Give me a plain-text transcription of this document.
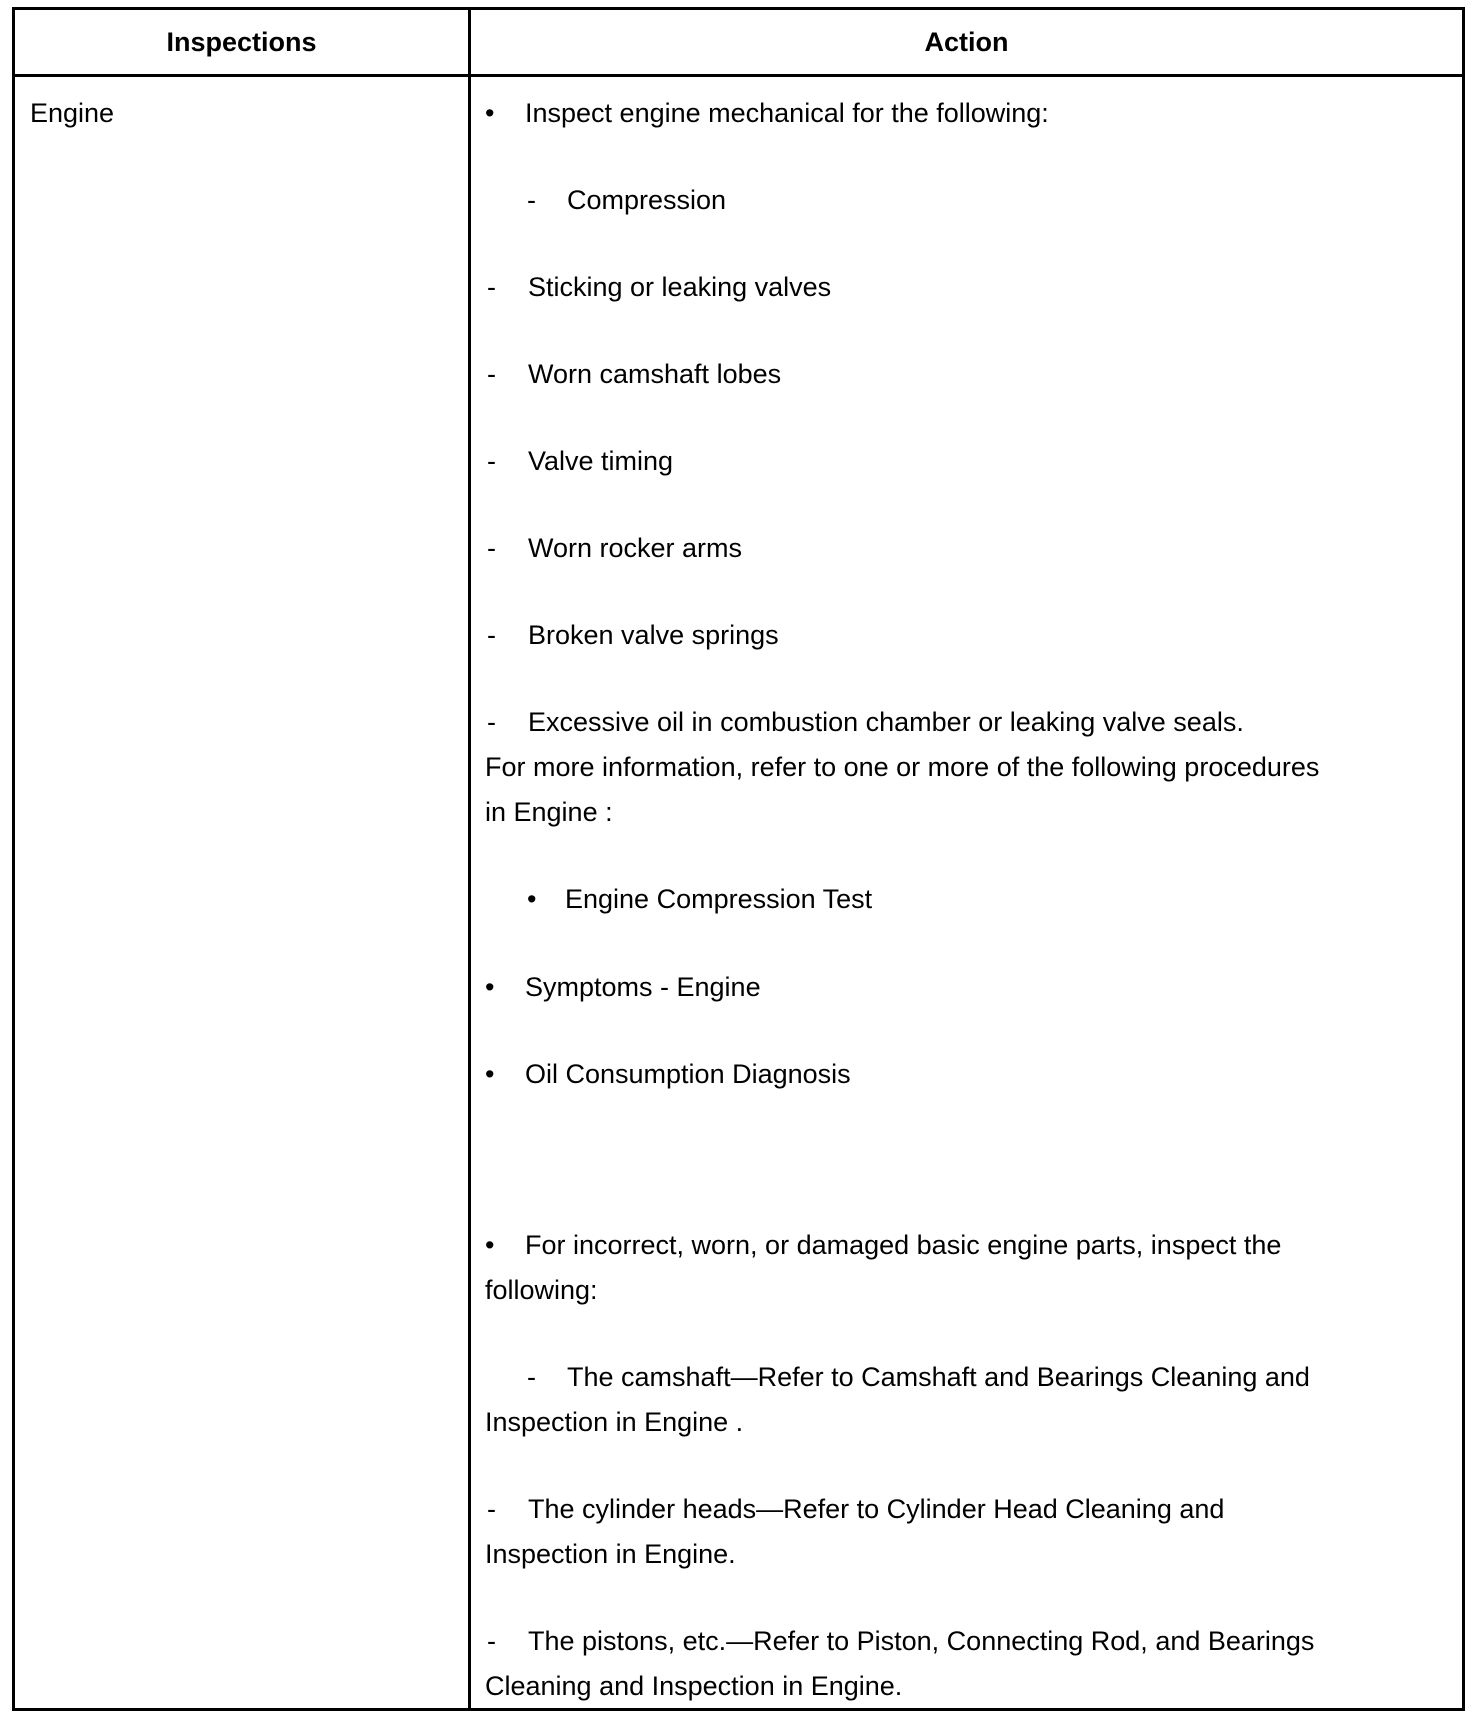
Inspections	Action
Engine	• Inspect engine mechanical for the following:
- Compression
- Sticking or leaking valves
- Worn camshaft lobes
- Valve timing
- Worn rocker arms
- Broken valve springs
- Excessive oil in combustion chamber or leaking valve seals.
For more information, refer to one or more of the following procedures
in Engine :
• Engine Compression Test
• Symptoms - Engine
• Oil Consumption Diagnosis
• For incorrect, worn, or damaged basic engine parts, inspect the
following:
- The camshaft—Refer to Camshaft and Bearings Cleaning and
Inspection in Engine .
- The cylinder heads—Refer to Cylinder Head Cleaning and
Inspection in Engine.
- The pistons, etc.—Refer to Piston, Connecting Rod, and Bearings
Cleaning and Inspection in Engine.
